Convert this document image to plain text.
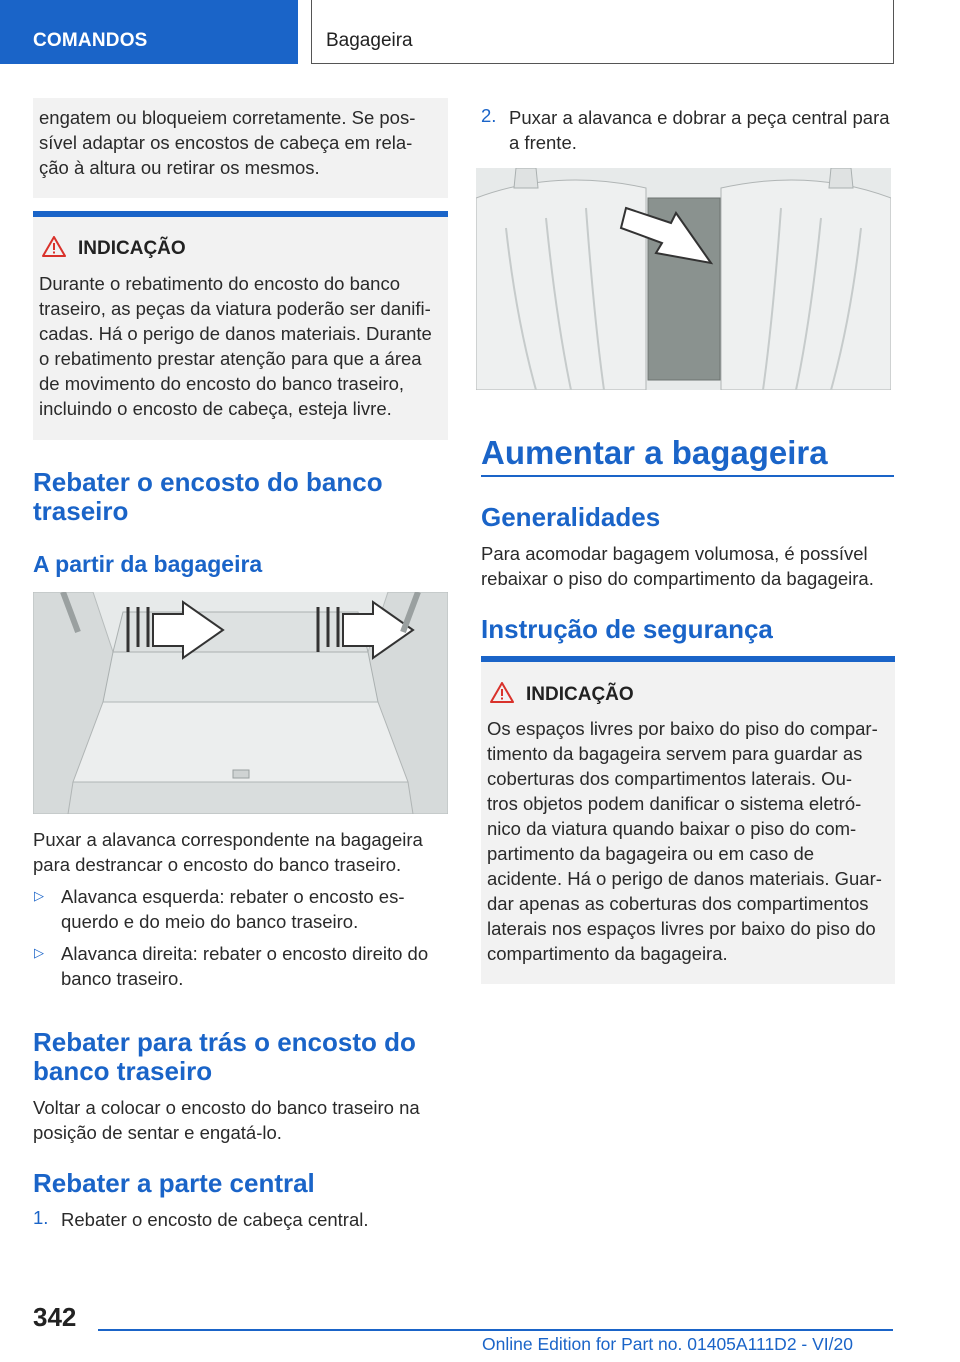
COMANDOS	Bagageira

engatem ou bloqueiem corretamente. Se pos-

sível adaptar os encostos de cabeça em rela-

ção à altura ou retirar os mesmos.

INDICAÇÃO

Durante o rebatimento do encosto do banco

traseiro, as peças da viatura poderão ser danifi-

cadas. Há o perigo de danos materiais. Durante

o rebatimento prestar atenção para que a área

de movimento do encosto do banco traseiro,

incluindo o encosto de cabeça, esteja livre.

Rebater o encosto do banco
traseiro
A partir da bagageira

Puxar a alavanca correspondente na bagageira

para destrancar o encosto do banco traseiro.

▷ Alavanca esquerda: rebater o encosto es-

querdo e do meio do banco traseiro.

▷ Alavanca direita: rebater o encosto direito do

banco traseiro.

Rebater para trás o encosto do
banco traseiro

Voltar a colocar o encosto do banco traseiro na

posição de sentar e engatá-lo.

Rebater a parte central
1. Rebater o encosto de cabeça central.

2. Puxar a alavanca e dobrar a peça central para

a frente.

Aumentar a bagageira
Generalidades

Para acomodar bagagem volumosa, é possível

rebaixar o piso do compartimento da bagageira.

Instrução de segurança
INDICAÇÃO

Os espaços livres por baixo do piso do compar-

timento da bagageira servem para guardar as

coberturas dos compartimentos laterais. Ou-

tros objetos podem danificar o sistema eletró-

nico da viatura quando baixar o piso do com-

partimento da bagageira ou em caso de

acidente. Há o perigo de danos materiais. Guar-

dar apenas as coberturas dos compartimentos

laterais nos espaços livres por baixo do piso do

compartimento da bagageira.

342
Online Edition for Part no. 01405A111D2 - VI/20
